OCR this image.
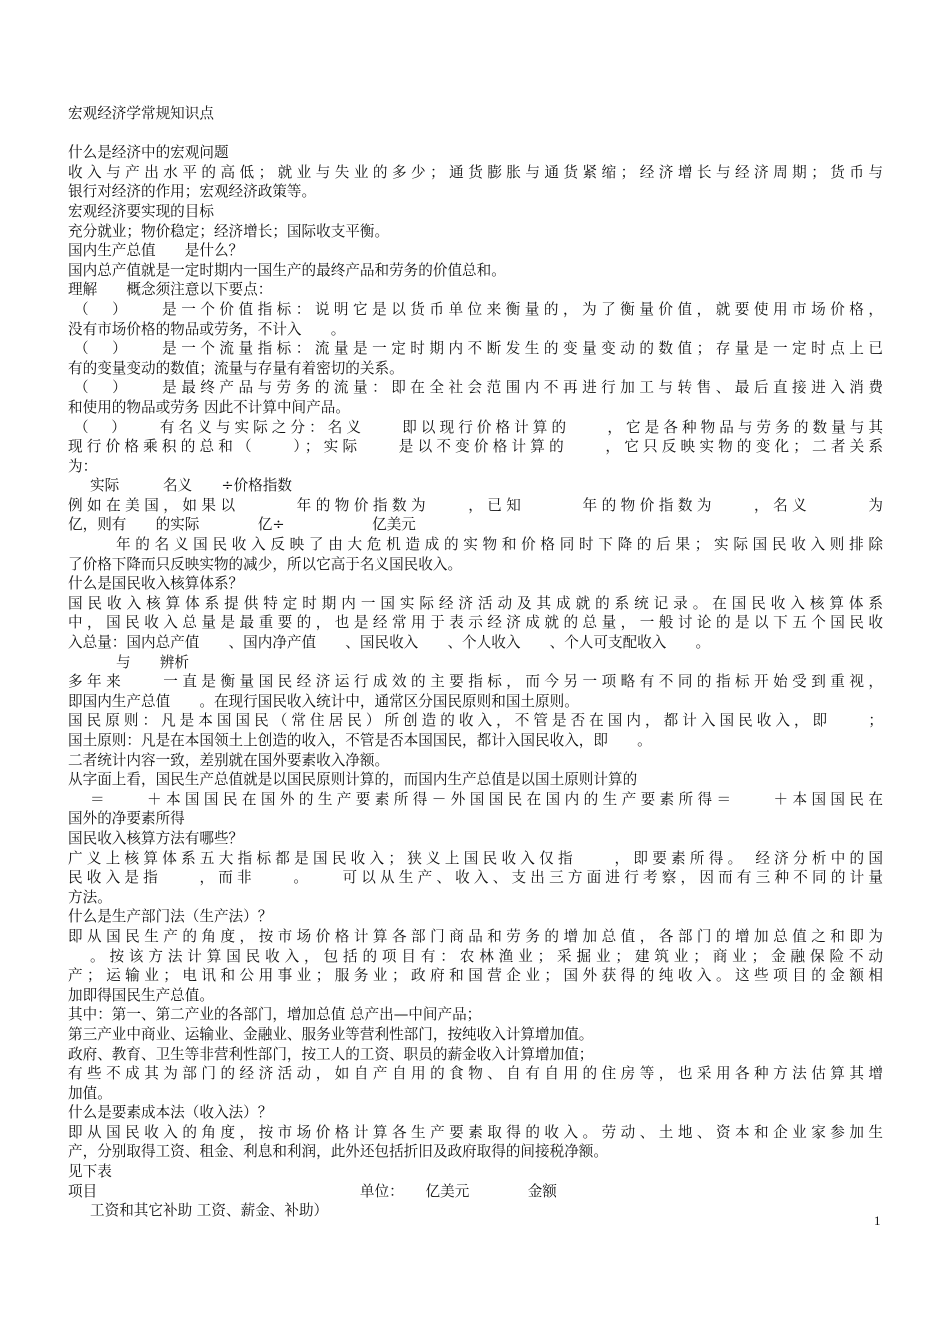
宏观经济学常规知识点

什么是经济中的宏观问题

收入与产出水平的高低；就业与失业的多少；通货膨胀与通货紧缩；经济增长与经济周期；货币与

银行对经济的作用；宏观经济政策等。

宏观经济要实现的目标

充分就业；物价稳定；经济增长；国际收支平衡。

国内生产总值　　是什么？

国内总产值就是一定时期内一国生产的最终产品和劳务的价值总和。

理解　　概念须注意以下要点：

（　）　　是一个价值指标：说明它是以货币单位来衡量的，为了衡量价值，就要使用市场价格，

没有市场价格的物品或劳务，不计入　　。

（　）　　是一个流量指标：流量是一定时期内不断发生的变量变动的数值；存量是一定时点上已

有的变量变动的数值；流量与存量有着密切的关系。

（　）　　是最终产品与劳务的流量：即在全社会范围内不再进行加工与转售、最后直接进入消费

和使用的物品或劳务 因此不计算中间产品。

（　）　　有名义与实际之分：名义　　即以现行价格计算的　　，它是各种物品与劳务的数量与其

现行价格乘积的总和（　　）；实际　　是以不变价格计算的　　，它只反映实物的变化；二者关系

为：

实际　　　名义　　÷价格指数

例如在美国，如果以　　　年的物价指数为　　，已知　　　年的物价指数为　　，名义　　　为

亿，则有　　的实际　　　　亿÷　　　　　　亿美元

年的名义国民收入反映了由大危机造成的实物和价格同时下降的后果；实际国民收入则排除

了价格下降而只反映实物的减少，所以它高于名义国民收入。

什么是国民收入核算体系？

国民收入核算体系提供特定时期内一国实际经济活动及其成就的系统记录。在国民收入核算体系

中，国民收入总量是最重要的，也是经常用于表示经济成就的总量，一般讨论的是以下五个国民收

入总量：国内总产值　　、国内净产值　　、国民收入　　、个人收入　　、个人可支配收入　　。

与　　辨析

多年来　　一直是衡量国民经济运行成效的主要指标，而今另一项略有不同的指标开始受到重视，

即国内生产总值　　。在现行国民收入统计中，通常区分国民原则和国土原则。

国民原则：凡是本国国民（常住居民）所创造的收入，不管是否在国内，都计入国民收入，即　　；

国土原则：凡是在本国领土上创造的收入，不管是否本国国民，都计入国民收入，即　　。

二者统计内容一致，差别就在国外要素收入净额。

从字面上看，国民生产总值就是以国民原则计算的，而国内生产总值是以国土原则计算的

＝　　＋本国国民在国外的生产要素所得－外国国民在国内的生产要素所得＝　　＋本国国民在

国外的净要素所得

国民收入核算方法有哪些？

广义上核算体系五大指标都是国民收入；狭义上国民收入仅指　　，即要素所得。 经济分析中的国

民收入是指　　，而非　　。　　可以从生产、收入、支出三方面进行考察，因而有三种不同的计量

方法。

什么是生产部门法（生产法）？

即从国民生产的角度，按市场价格计算各部门商品和劳务的增加总值，各部门的增加总值之和即为

。按该方法计算国民收入，包括的项目有：农林渔业；采掘业；建筑业；商业；金融保险不动

产；运输业；电讯和公用事业；服务业；政府和国营企业；国外获得的纯收入。这些项目的金额相

加即得国民生产总值。

其中：第一、第二产业的各部门，增加总值 总产出—中间产品；

第三产业中商业、运输业、金融业、服务业等营利性部门，按纯收入计算增加值。

政府、教育、卫生等非营利性部门，按工人的工资、职员的薪金收入计算增加值；

有些不成其为部门的经济活动，如自产自用的食物、自有自用的住房等，也采用各种方法估算其增

加值。

什么是要素成本法（收入法）？

即从国民收入的角度，按市场价格计算各生产要素取得的收入。劳动、土地、资本和企业家参加生

产，分别取得工资、租金、利息和利润，此外还包括折旧及政府取得的间接税净额。

见下表

项目　　　　　　　　　　　　　　　　　　单位：　　亿美元　　　　金额

工资和其它补助 工资、薪金、补助）

1
